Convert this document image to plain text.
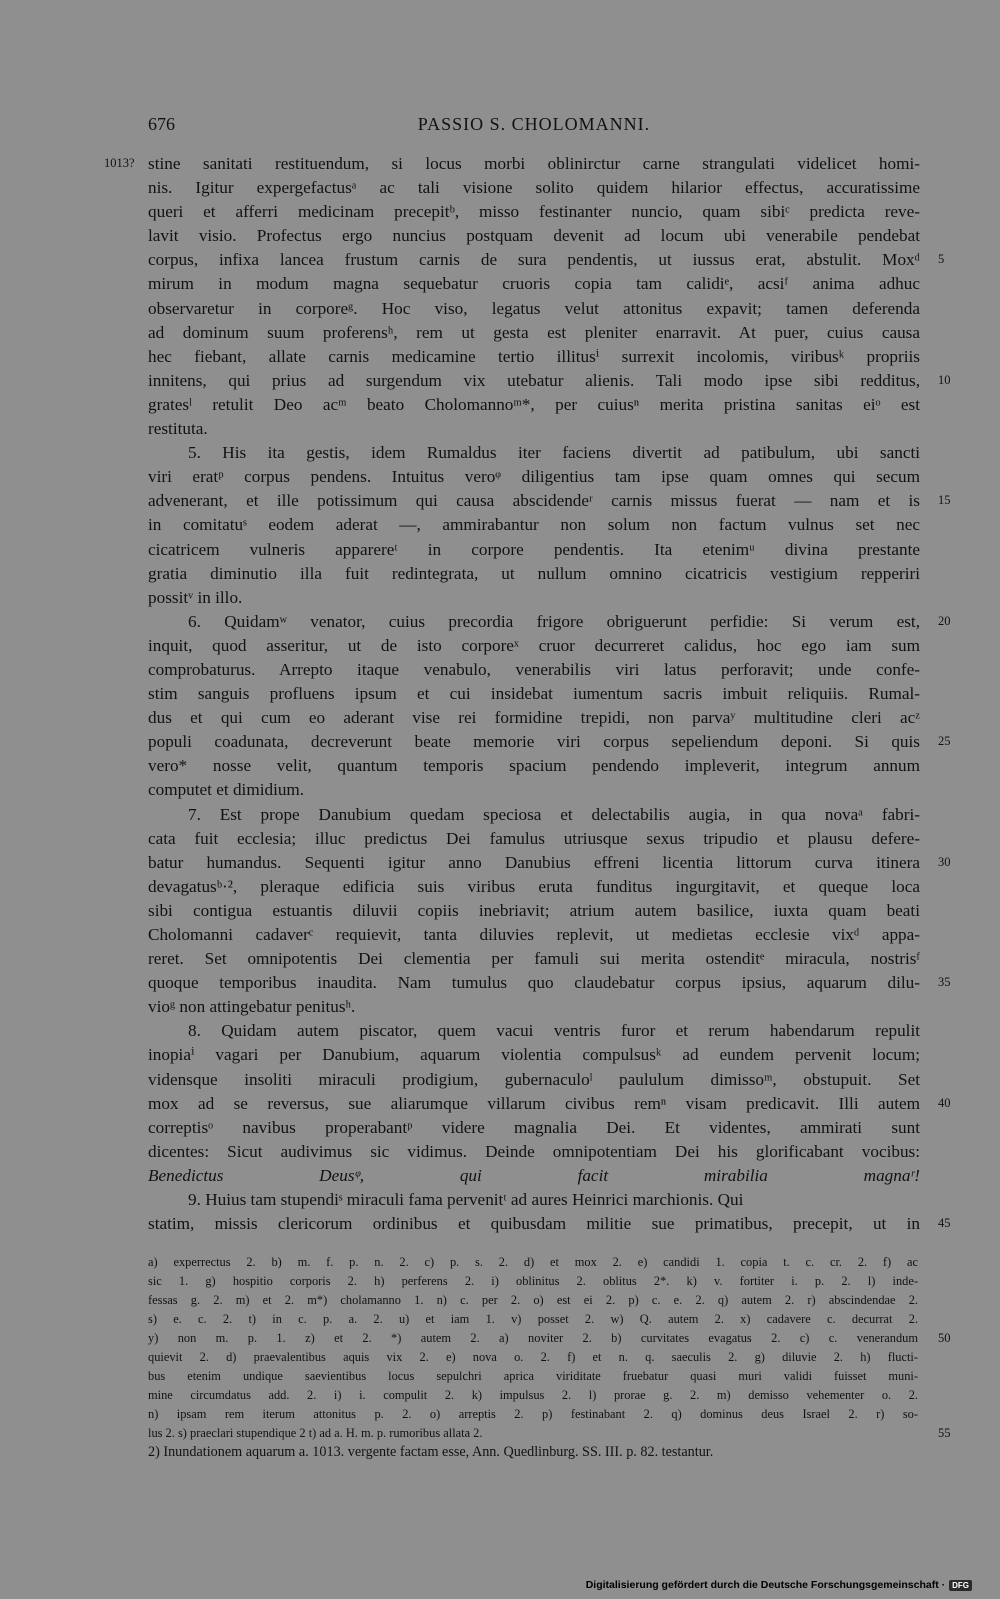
676	PASSIO S. CHOLOMANNI.
1013? stine sanitati restituendum, si locus morbi oblinirctur carne strangulati videlicet homi-
nis. Igitur expergefactusᵃ ac tali visione solito quidem hilarior effectus, accuratissime
queri et afferri medicinam precepitᵇ, misso festinanter nuncio, quam sibiᶜ predicta reve-
lavit visio. Profectus ergo nuncius postquam devenit ad locum ubi venerabile pendebat
corpus, infixa lancea frustum carnis de sura pendentis, ut iussus erat, abstulit. Moxᵈ
mirum in modum magna sequebatur cruoris copia tam calidiᵉ, acsiᶠ anima adhuc
observaretur in corporeᵍ. Hoc viso, legatus velut attonitus expavit; tamen deferenda
ad dominum suum proferensʰ, rem ut gesta est pleniter enarravit. At puer, cuius causa
hec fiebant, allate carnis medicamine tertio illitusⁱ surrexit incolomis, viribusᵏ propriis
innitens, qui prius ad surgendum vix utebatur alienis. Tali modo ipse sibi redditus,
gratesˡ retulit Deo acᵐ beato Cholomannoᵐ*, per cuiusⁿ merita pristina sanitas eiᵒ est
restituta.
5. His ita gestis, idem Rumaldus iter faciens divertit ad patibulum, ubi sancti
viri eratᵖ corpus pendens. Intuitus veroᵠ diligentius tam ipse quam omnes qui secum
advenerant, et ille potissimum qui causa abscidendeʳ carnis missus fuerat — nam et is
in comitatuˢ eodem aderat —, ammirabantur non solum non factum vulnus set nec
cicatricem vulneris apparereᵗ in corpore pendentis. Ita etenimᵘ divina prestante
gratia diminutio illa fuit redintegrata, ut nullum omnino cicatricis vestigium repperiri
possitᵛ in illo.
6. Quidamʷ venator, cuius precordia frigore obriguerunt perfidie: Si verum est,
inquit, quod asseritur, ut de isto corporeˣ cruor decurreret calidus, hoc ego iam sum
comprobaturus. Arrepto itaque venabulo, venerabilis viri latus perforavit; unde confe-
stim sanguis profluens ipsum et cui insidebat iumentum sacris imbuit reliquiis. Rumal-
dus et qui cum eo aderant vise rei formidine trepidi, non parvaʸ multitudine cleri acᶻ
populi coadunata, decreverunt beate memorie viri corpus sepeliendum deponi. Si quis
vero* nosse velit, quantum temporis spacium pendendo impleverit, integrum annum
computet et dimidium.
7. Est prope Danubium quedam speciosa et delectabilis augia, in qua novaᵃ fabri-
cata fuit ecclesia; illuc predictus Dei famulus utriusque sexus tripudio et plausu defere-
batur humandus. Sequenti igitur anno Danubius effreni licentia littorum curva itinera
devagatusᵇ·², pleraque edificia suis viribus eruta funditus ingurgitavit, et queque loca
sibi contigua estuantis diluvii copiis inebriavit; atrium autem basilice, iuxta quam beati
Cholomanni cadaverᶜ requievit, tanta diluvies replevit, ut medietas ecclesie vixᵈ appa-
reret. Set omnipotentis Dei clementia per famuli sui merita ostenditᵉ miracula, nostrisᶠ
quoque temporibus inaudita. Nam tumulus quo claudebatur corpus ipsius, aquarum dilu-
vioᵍ non attingebatur penitusʰ.
8. Quidam autem piscator, quem vacui ventris furor et rerum habendarum repulit
inopiaⁱ vagari per Danubium, aquarum violentia compulsusᵏ ad eundem pervenit locum;
vidensque insoliti miraculi prodigium, gubernaculoˡ paululum dimissoᵐ, obstupuit. Set
mox ad se reversus, sue aliarumque villarum civibus remⁿ visam predicavit. Illi autem
correptisᵒ navibus properabantᵖ videre magnalia Dei. Et videntes, ammirati sunt
dicentes: Sicut audivimus sic vidimus. Deinde omnipotentiam Dei his glorificabant vocibus:
Benedictus Deusᵠ, qui facit mirabilia magnaʳ!
9. Huius tam stupendiˢ miraculi fama pervenitᵗ ad aures Heinrici marchionis. Qui
statim, missis clericorum ordinibus et quibusdam militie sue primatibus, precepit, ut in
5
10
15
20
25
30
35
40
45
a) experrectus 2. b) m. f. p. n. 2. c) p. s. 2. d) et mox 2. e) candidi 1. copia t. c. cr. 2. f) ac
sic 1. g) hospitio corporis 2. h) perferens 2. i) oblinitus 2. oblitus 2*. k) v. fortiter i. p. 2. l) inde-
fessas g. 2. m) et 2. m*) cholamanno 1. n) c. per 2. o) est ei 2. p) c. e. 2. q) autem 2. r) abscindendae 2.
s) e. c. 2. t) in c. p. a. 2. u) et iam 1. v) posset 2. w) Q. autem 2. x) cadavere c. decurrat 2.
y) non m. p. 1. z) et 2. *) autem 2. a) noviter 2. b) curvitates evagatus 2. c) c. venerandum
quievit 2. d) praevalentibus aquis vix 2. e) nova o. 2. f) et n. q. saeculis 2. g) diluvie 2. h) flucti-
bus etenim undique saevientibus locus sepulchri aprica viriditate fruebatur quasi muri validi fuisset muni-
mine circumdatus add. 2. i) i. compulit 2. k) impulsus 2. l) prorae g. 2. m) demisso vehementer o. 2.
n) ipsam rem iterum attonitus p. 2. o) arreptis 2. p) festinabant 2. q) dominus deus Israel 2. r) so-
lus 2. s) praeclari stupendique 2 t) ad a. H. m. p. rumoribus allata 2.
2) Inundationem aquarum a. 1013. vergente factam esse, Ann. Quedlinburg. SS. III. p. 82. testantur.
Digitalisierung gefördert durch die Deutsche Forschungsgemeinschaft · DFG
50
55
